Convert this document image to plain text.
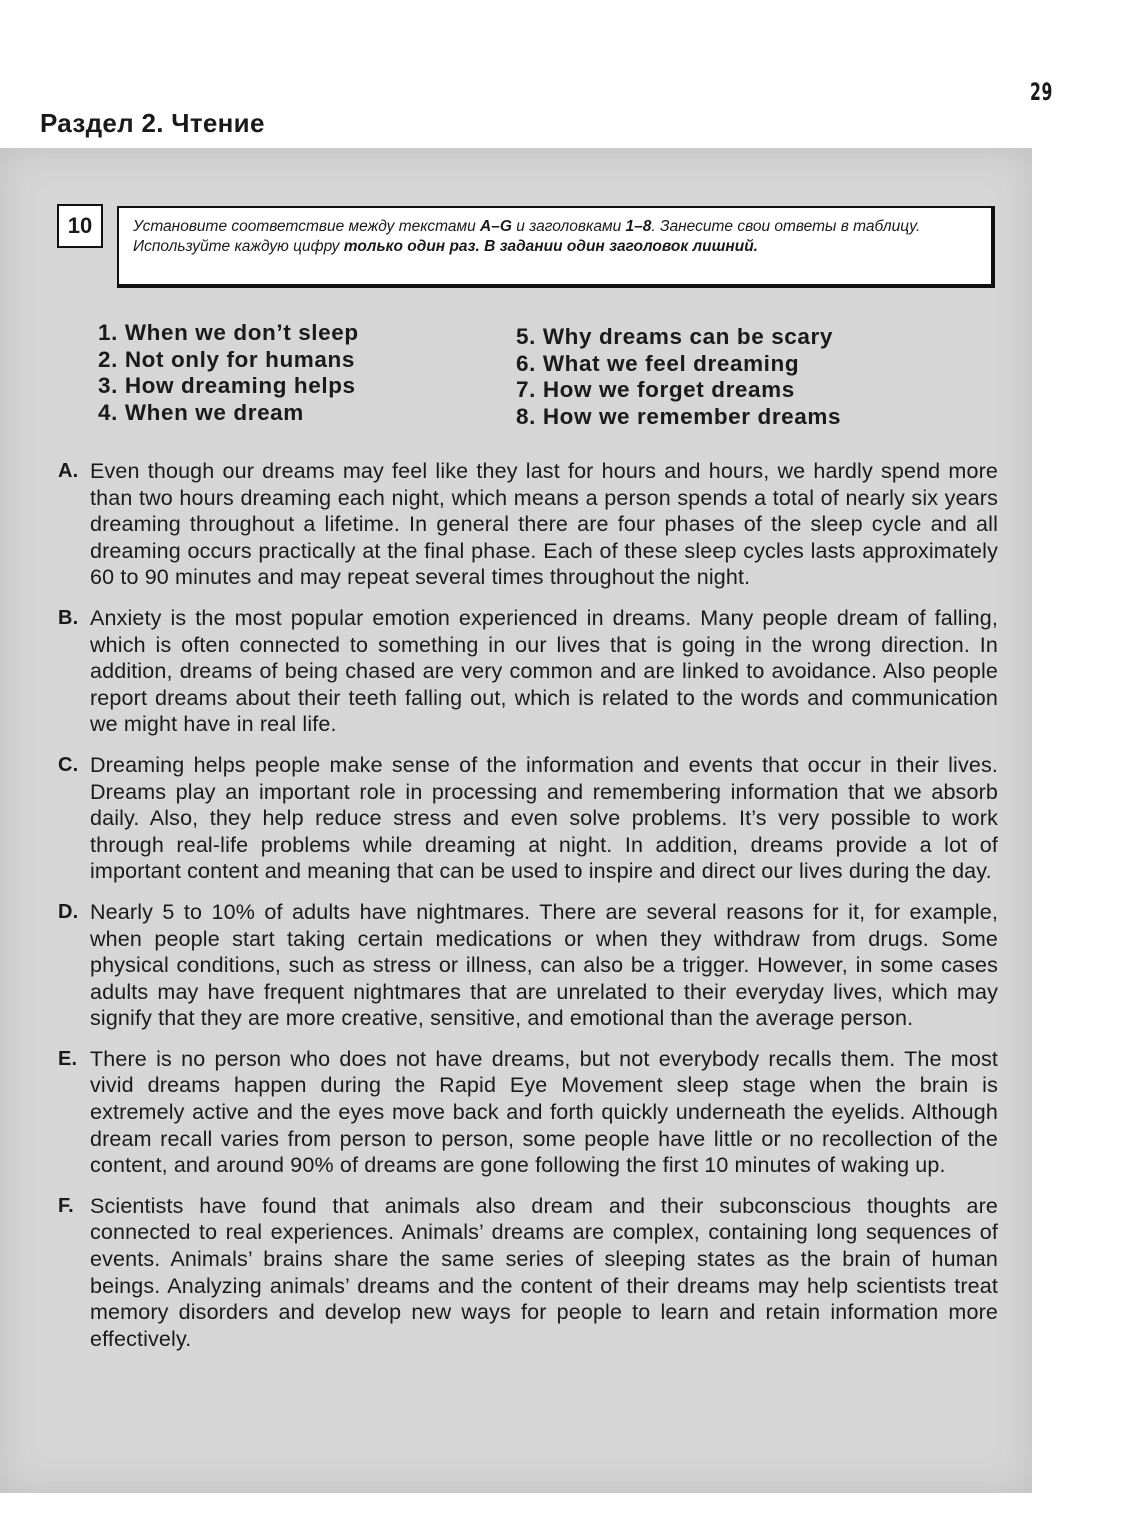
29
Раздел 2. Чтение
10	Установите соответствие между текстами A–G и заголовками 1–8. Занесите свои ответы в таблицу. Используйте каждую цифру только один раз. В задании один заголовок лишний.
1. When we don’t sleep
2. Not only for humans
3. How dreaming helps
4. When we dream
5. Why dreams can be scary
6. What we feel dreaming
7. How we forget dreams
8. How we remember dreams
A. Even though our dreams may feel like they last for hours and hours, we hardly spend more than two hours dreaming each night, which means a person spends a total of nearly six years dreaming throughout a lifetime. In general there are four phases of the sleep cycle and all dreaming occurs practically at the final phase. Each of these sleep cycles lasts approximately 60 to 90 minutes and may repeat several times throughout the night.
B. Anxiety is the most popular emotion experienced in dreams. Many people dream of falling, which is often connected to something in our lives that is going in the wrong direction. In addition, dreams of being chased are very common and are linked to avoidance. Also people report dreams about their teeth falling out, which is related to the words and communication we might have in real life.
C. Dreaming helps people make sense of the information and events that occur in their lives. Dreams play an important role in processing and remembering information that we absorb daily. Also, they help reduce stress and even solve problems. It’s very possible to work through real-life problems while dreaming at night. In addition, dreams provide a lot of important content and meaning that can be used to inspire and direct our lives during the day.
D. Nearly 5 to 10% of adults have nightmares. There are several reasons for it, for example, when people start taking certain medications or when they withdraw from drugs. Some physical conditions, such as stress or illness, can also be a trigger. However, in some cases adults may have frequent nightmares that are unrelated to their everyday lives, which may signify that they are more creative, sensitive, and emotional than the average person.
E. There is no person who does not have dreams, but not everybody recalls them. The most vivid dreams happen during the Rapid Eye Movement sleep stage when the brain is extremely active and the eyes move back and forth quickly underneath the eyelids. Although dream recall varies from person to person, some people have little or no recollection of the content, and around 90% of dreams are gone following the first 10 minutes of waking up.
F. Scientists have found that animals also dream and their subconscious thoughts are connected to real experiences. Animals’ dreams are complex, containing long sequences of events. Animals’ brains share the same series of sleeping states as the brain of human beings. Analyzing animals’ dreams and the content of their dreams may help scientists treat memory disorders and develop new ways for people to learn and retain information more effectively.
